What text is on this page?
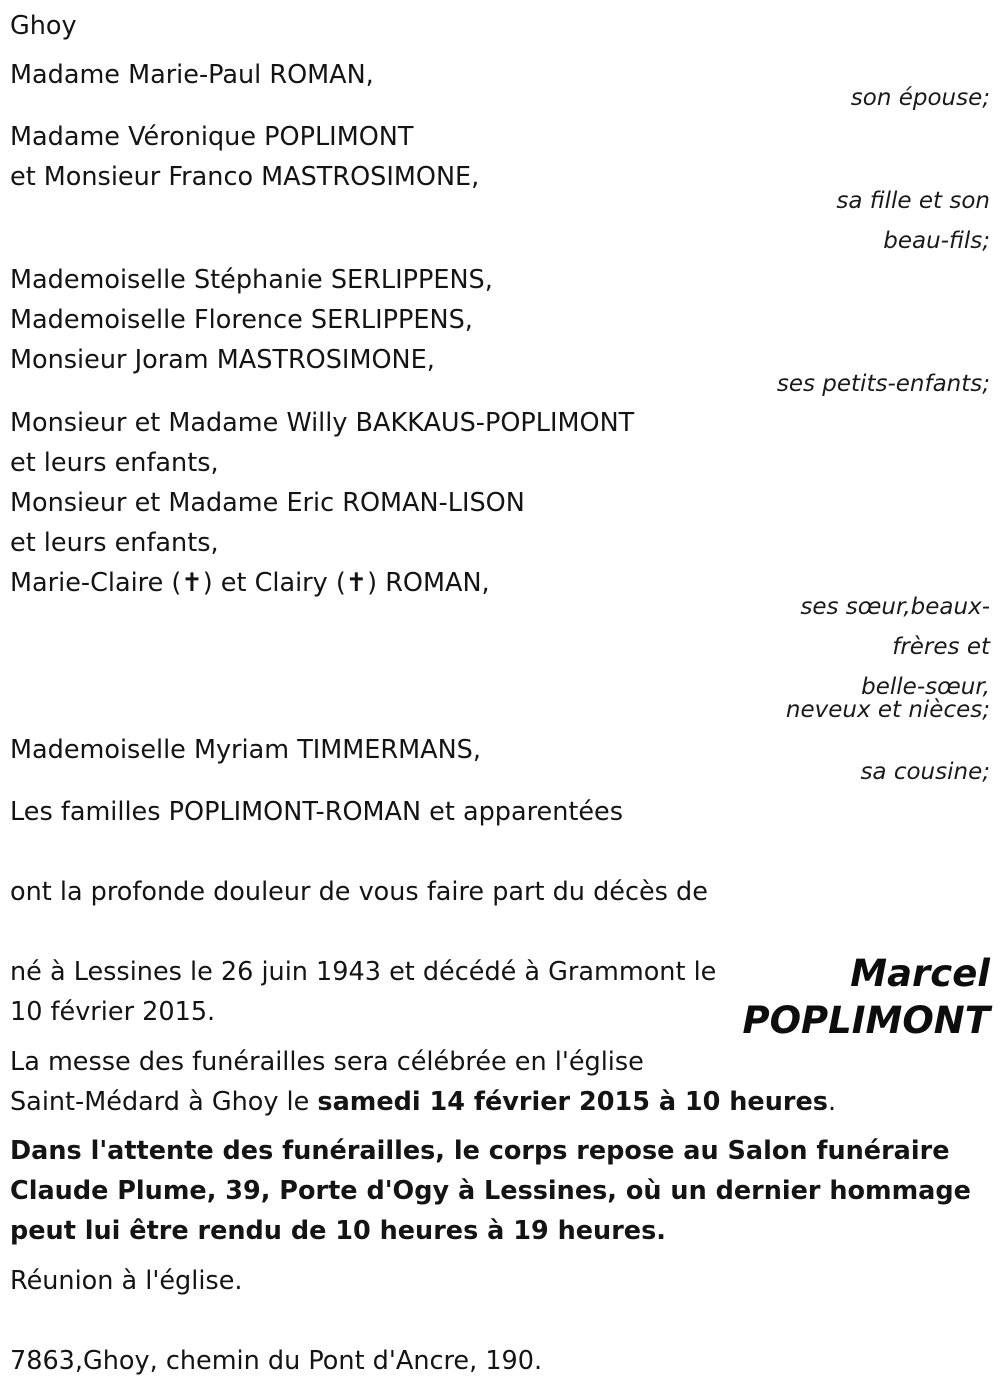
Ghoy
Madame Marie-Paul ROMAN,
son épouse;
Madame Véronique POPLIMONT
et Monsieur Franco MASTROSIMONE,
sa fille et son
beau-fils;
Mademoiselle Stéphanie SERLIPPENS,
Mademoiselle Florence SERLIPPENS,
Monsieur Joram MASTROSIMONE,
ses petits-enfants;
Monsieur et Madame Willy BAKKAUS-POPLIMONT
et leurs enfants,
Monsieur et Madame Eric ROMAN-LISON
et leurs enfants,
Marie-Claire (✝) et Clairy (✝) ROMAN,
ses sœur,beaux-
frères et
belle-sœur,
neveux et nièces;
Mademoiselle Myriam TIMMERMANS,
sa cousine;
Les familles POPLIMONT-ROMAN et apparentées
ont la profonde douleur de vous faire part du décès de
Marcel
POPLIMONT
né à Lessines le 26 juin 1943 et décédé à Grammont le
10 février 2015.
La messe des funérailles sera célébrée en l'église
Saint-Médard à Ghoy le samedi 14 février 2015 à 10 heures.
Dans l'attente des funérailles, le corps repose au Salon funéraire
Claude Plume, 39, Porte d'Ogy à Lessines, où un dernier hommage
peut lui être rendu de 10 heures à 19 heures.
Réunion à l'église.
7863,Ghoy, chemin du Pont d'Ancre, 190.
